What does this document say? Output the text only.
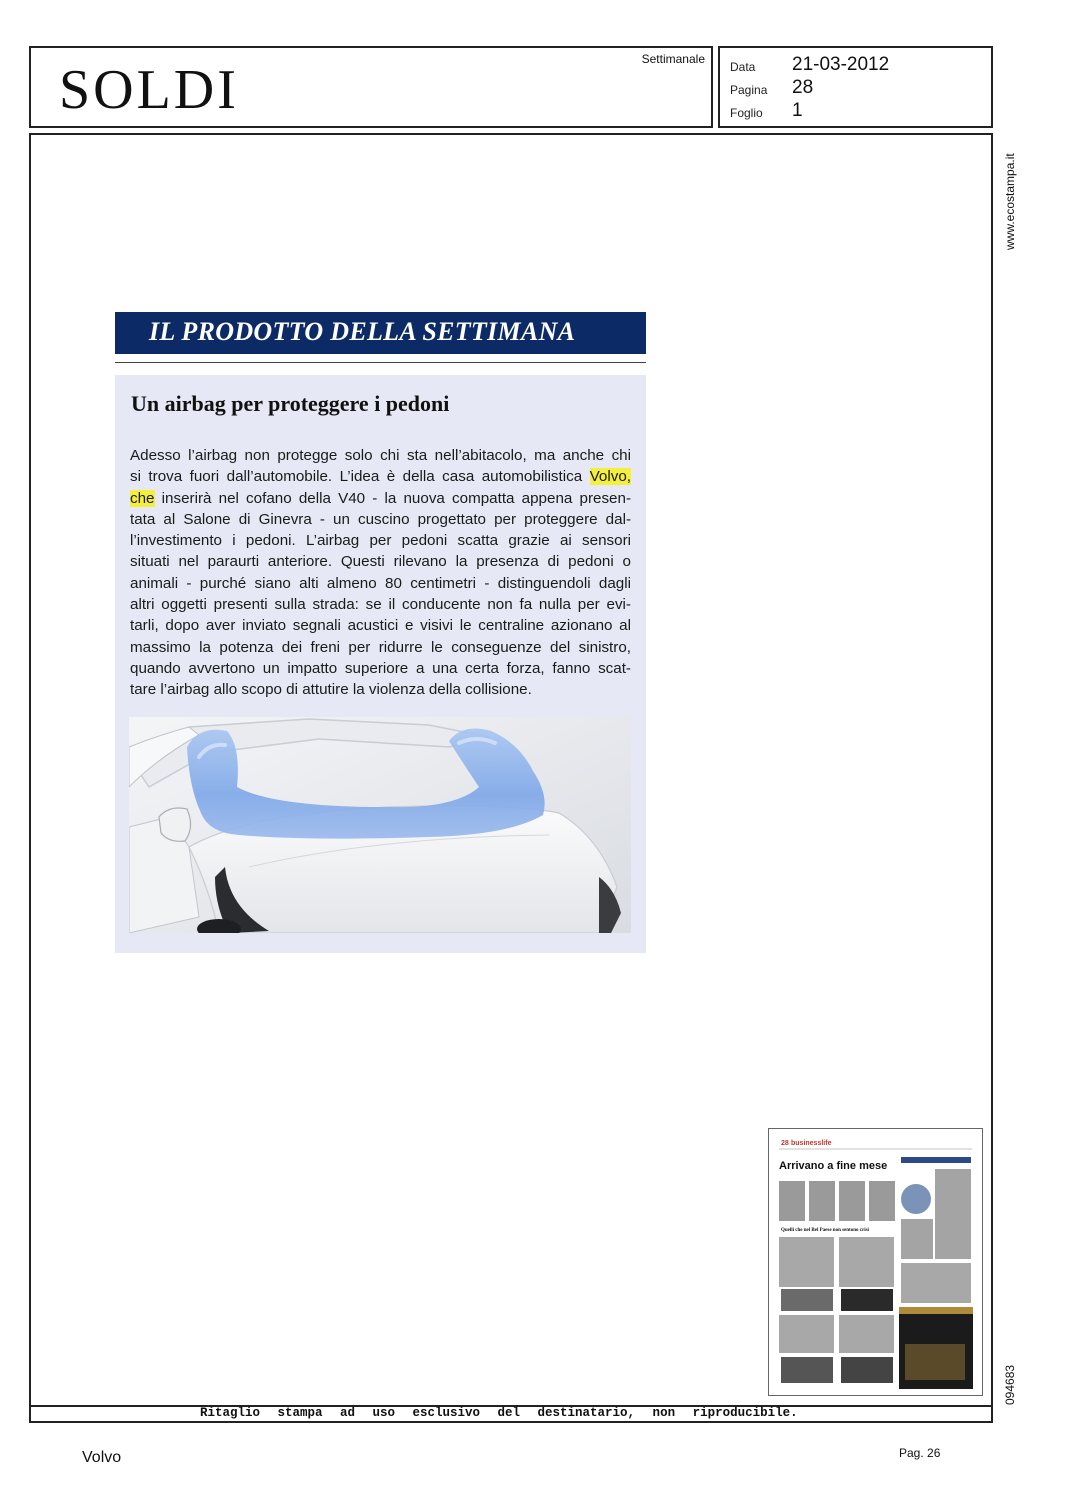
SOLDI	Settimanale
Data 21-03-2012
Pagina 28
Foglio 1
www.ecostampa.it
094683
Ritaglio stampa ad uso esclusivo del destinatario, non riproducibile.
IL PRODOTTO DELLA SETTIMANA
Un airbag per proteggere i pedoni
Adesso l’airbag non protegge solo chi sta nell’abitacolo, ma anche chi
si trova fuori dall’automobile. L’idea è della casa automobilistica Volvo,
che inserirà nel cofano della V40 - la nuova compatta appena presen-
tata al Salone di Ginevra - un cuscino progettato per proteggere dal-
l’investimento i pedoni. L’airbag per pedoni scatta grazie ai sensori
situati nel paraurti anteriore. Questi rilevano la presenza di pedoni o
animali - purché siano alti almeno 80 centimetri - distinguendoli dagli
altri oggetti presenti sulla strada: se il conducente non fa nulla per evi-
tarli, dopo aver inviato segnali acustici e visivi le centraline azionano al
massimo la potenza dei freni per ridurre le conseguenze del sinistro,
quando avvertono un impatto superiore a una certa forza, fanno scat-
tare l’airbag allo scopo di attutire la violenza della collisione.
28 businesslife
Arrivano a fine mese
Quelli che nel Bel Paese non sentono crisi
Volvo	Pag. 26
